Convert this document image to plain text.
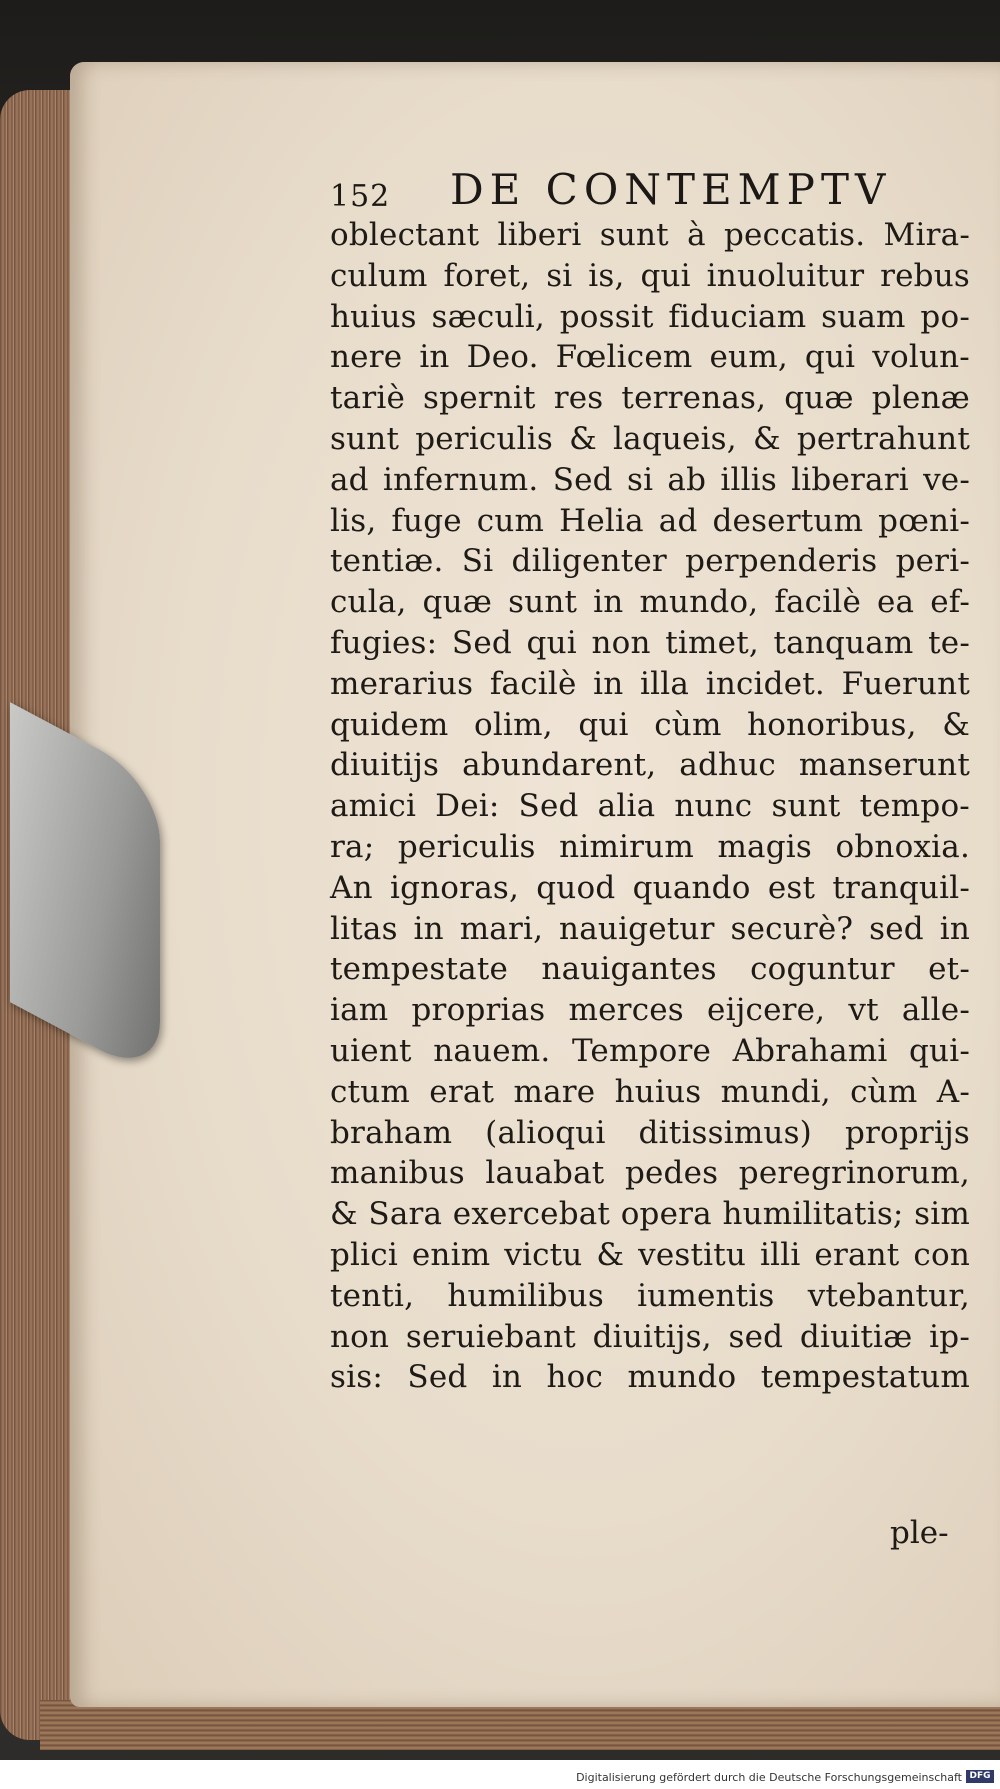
152 DE CONTEMPTV
oblectant liberi sunt à peccatis. Mira-
culum foret, si is, qui inuoluitur rebus
huius sæculi, possit fiduciam suam po-
nere in Deo. Fœlicem eum, qui volun-
tariè spernit res terrenas, quæ plenæ
sunt periculis & laqueis, & pertrahunt
ad infernum. Sed si ab illis liberari ve-
lis, fuge cum Helia ad desertum pœni-
tentiæ. Si diligenter perpenderis peri-
cula, quæ sunt in mundo, facilè ea ef-
fugies: Sed qui non timet, tanquam te-
merarius facilè in illa incidet. Fuerunt
quidem olim, qui cùm honoribus, &
diuitijs abundarent, adhuc manserunt
amici Dei: Sed alia nunc sunt tempo-
ra; periculis nimirum magis obnoxia.
An ignoras, quod quando est tranquil-
litas in mari, nauigetur securè? sed in
tempestate nauigantes coguntur et-
iam proprias merces eijcere, vt alle-
uient nauem. Tempore Abrahami qui-
ctum erat mare huius mundi, cùm A-
braham (alioqui ditissimus) proprijs
manibus lauabat pedes peregrinorum,
& Sara exercebat opera humilitatis; sim
plici enim victu & vestitu illi erant con
tenti, humilibus iumentis vtebantur,
non seruiebant diuitijs, sed diuitiæ ip-
sis: Sed in hoc mundo tempestatum
ple-
Digitalisierung gefördert durch die Deutsche Forschungsgemeinschaft DFG
